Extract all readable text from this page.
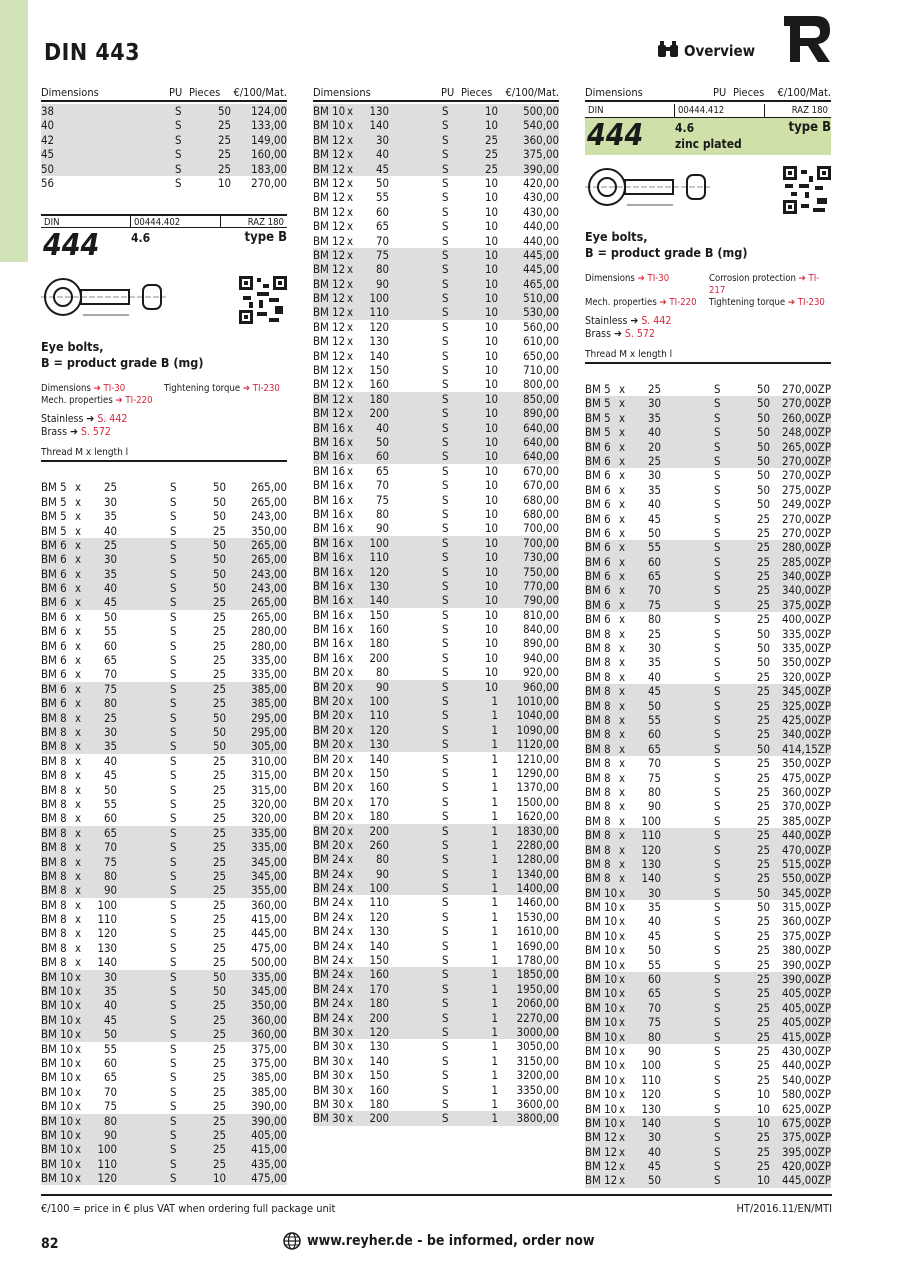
DIN 443	Overview
Dimensions	PU Pieces	€/100/Mat.
38	S	50	124,00
40	S	25	133,00
42	S	25	149,00
45	S	25	160,00
50	S	25	183,00
56	S	10	270,00
DIN	00444.402	RAZ 180
444	4.6	type B
Eye bolts,
B = product grade B (mg)
Dimensions ➔ TI-30	Tightening torque ➔ TI-230
Mech. properties ➔ TI-220
Stainless ➔ S. 442
Brass ➔ S. 572
Thread M x length l
BM 5 x	25	S	50	265,00
BM 5 x	30	S	50	265,00
BM 5 x	35	S	50	243,00
BM 5 x	40	S	25	350,00
BM 6 x	25	S	50	265,00
BM 6 x	30	S	50	265,00
BM 6 x	35	S	50	243,00
BM 6 x	40	S	50	243,00
BM 6 x	45	S	25	265,00
BM 6 x	50	S	25	265,00
BM 6 x	55	S	25	280,00
BM 6 x	60	S	25	280,00
BM 6 x	65	S	25	335,00
BM 6 x	70	S	25	335,00
BM 6 x	75	S	25	385,00
BM 6 x	80	S	25	385,00
BM 8 x	25	S	50	295,00
BM 8 x	30	S	50	295,00
BM 8 x	35	S	50	305,00
BM 8 x	40	S	25	310,00
BM 8 x	45	S	25	315,00
BM 8 x	50	S	25	315,00
BM 8 x	55	S	25	320,00
BM 8 x	60	S	25	320,00
BM 8 x	65	S	25	335,00
BM 8 x	70	S	25	335,00
BM 8 x	75	S	25	345,00
BM 8 x	80	S	25	345,00
BM 8 x	90	S	25	355,00
BM 8 x	100	S	25	360,00
BM 8 x	110	S	25	415,00
BM 8 x	120	S	25	445,00
BM 8 x	130	S	25	475,00
BM 8 x	140	S	25	500,00
BM 10 x	30	S	50	335,00
BM 10 x	35	S	50	345,00
BM 10 x	40	S	25	350,00
BM 10 x	45	S	25	360,00
BM 10 x	50	S	25	360,00
BM 10 x	55	S	25	375,00
BM 10 x	60	S	25	375,00
BM 10 x	65	S	25	385,00
BM 10 x	70	S	25	385,00
BM 10 x	75	S	25	390,00
BM 10 x	80	S	25	390,00
BM 10 x	90	S	25	405,00
BM 10 x	100	S	25	415,00
BM 10 x	110	S	25	435,00
BM 10 x	120	S	10	475,00
Dimensions	PU Pieces	€/100/Mat.
BM 10 x	130	S	10	500,00
BM 10 x	140	S	10	540,00
BM 12 x	30	S	25	360,00
BM 12 x	40	S	25	375,00
BM 12 x	45	S	25	390,00
BM 12 x	50	S	10	420,00
BM 12 x	55	S	10	430,00
BM 12 x	60	S	10	430,00
BM 12 x	65	S	10	440,00
BM 12 x	70	S	10	440,00
BM 12 x	75	S	10	445,00
BM 12 x	80	S	10	445,00
BM 12 x	90	S	10	465,00
BM 12 x	100	S	10	510,00
BM 12 x	110	S	10	530,00
BM 12 x	120	S	10	560,00
BM 12 x	130	S	10	610,00
BM 12 x	140	S	10	650,00
BM 12 x	150	S	10	710,00
BM 12 x	160	S	10	800,00
BM 12 x	180	S	10	850,00
BM 12 x	200	S	10	890,00
BM 16 x	40	S	10	640,00
BM 16 x	50	S	10	640,00
BM 16 x	60	S	10	640,00
BM 16 x	65	S	10	670,00
BM 16 x	70	S	10	670,00
BM 16 x	75	S	10	680,00
BM 16 x	80	S	10	680,00
BM 16 x	90	S	10	700,00
BM 16 x	100	S	10	700,00
BM 16 x	110	S	10	730,00
BM 16 x	120	S	10	750,00
BM 16 x	130	S	10	770,00
BM 16 x	140	S	10	790,00
BM 16 x	150	S	10	810,00
BM 16 x	160	S	10	840,00
BM 16 x	180	S	10	890,00
BM 16 x	200	S	10	940,00
BM 20 x	80	S	10	920,00
BM 20 x	90	S	10	960,00
BM 20 x	100	S	1	1010,00
BM 20 x	110	S	1	1040,00
BM 20 x	120	S	1	1090,00
BM 20 x	130	S	1	1120,00
BM 20 x	140	S	1	1210,00
BM 20 x	150	S	1	1290,00
BM 20 x	160	S	1	1370,00
BM 20 x	170	S	1	1500,00
BM 20 x	180	S	1	1620,00
BM 20 x	200	S	1	1830,00
BM 20 x	260	S	1	2280,00
BM 24 x	80	S	1	1280,00
BM 24 x	90	S	1	1340,00
BM 24 x	100	S	1	1400,00
BM 24 x	110	S	1	1460,00
BM 24 x	120	S	1	1530,00
BM 24 x	130	S	1	1610,00
BM 24 x	140	S	1	1690,00
BM 24 x	150	S	1	1780,00
BM 24 x	160	S	1	1850,00
BM 24 x	170	S	1	1950,00
BM 24 x	180	S	1	2060,00
BM 24 x	200	S	1	2270,00
BM 30 x	120	S	1	3000,00
BM 30 x	130	S	1	3050,00
BM 30 x	140	S	1	3150,00
BM 30 x	150	S	1	3200,00
BM 30 x	160	S	1	3350,00
BM 30 x	180	S	1	3600,00
BM 30 x	200	S	1	3800,00
Dimensions	PU Pieces	€/100/Mat.
DIN	00444.412	RAZ 180
444	4.6
zinc plated
type B
Eye bolts,
B = product grade B (mg)
Dimensions ➔ TI-30	Corrosion protection ➔ TI-217
Mech. properties ➔ TI-220	Tightening torque ➔ TI-230
Stainless ➔ S. 442
Brass ➔ S. 572
Thread M x length l
BM 5 x	25	S	50	270,00ZP
BM 5 x	30	S	50	270,00ZP
BM 5 x	35	S	50	260,00ZP
BM 5 x	40	S	50	248,00ZP
BM 6 x	20	S	50	265,00ZP
BM 6 x	25	S	50	270,00ZP
BM 6 x	30	S	50	270,00ZP
BM 6 x	35	S	50	275,00ZP
BM 6 x	40	S	50	249,00ZP
BM 6 x	45	S	25	270,00ZP
BM 6 x	50	S	25	270,00ZP
BM 6 x	55	S	25	280,00ZP
BM 6 x	60	S	25	285,00ZP
BM 6 x	65	S	25	340,00ZP
BM 6 x	70	S	25	340,00ZP
BM 6 x	75	S	25	375,00ZP
BM 6 x	80	S	25	400,00ZP
BM 8 x	25	S	50	335,00ZP
BM 8 x	30	S	50	335,00ZP
BM 8 x	35	S	50	350,00ZP
BM 8 x	40	S	25	320,00ZP
BM 8 x	45	S	25	345,00ZP
BM 8 x	50	S	25	325,00ZP
BM 8 x	55	S	25	425,00ZP
BM 8 x	60	S	25	340,00ZP
BM 8 x	65	S	50	414,15ZP
BM 8 x	70	S	25	350,00ZP
BM 8 x	75	S	25	475,00ZP
BM 8 x	80	S	25	360,00ZP
BM 8 x	90	S	25	370,00ZP
BM 8 x	100	S	25	385,00ZP
BM 8 x	110	S	25	440,00ZP
BM 8 x	120	S	25	470,00ZP
BM 8 x	130	S	25	515,00ZP
BM 8 x	140	S	25	550,00ZP
BM 10 x	30	S	50	345,00ZP
BM 10 x	35	S	50	315,00ZP
BM 10 x	40	S	25	360,00ZP
BM 10 x	45	S	25	375,00ZP
BM 10 x	50	S	25	380,00ZP
BM 10 x	55	S	25	390,00ZP
BM 10 x	60	S	25	390,00ZP
BM 10 x	65	S	25	405,00ZP
BM 10 x	70	S	25	405,00ZP
BM 10 x	75	S	25	405,00ZP
BM 10 x	80	S	25	415,00ZP
BM 10 x	90	S	25	430,00ZP
BM 10 x	100	S	25	440,00ZP
BM 10 x	110	S	25	540,00ZP
BM 10 x	120	S	10	580,00ZP
BM 10 x	130	S	10	625,00ZP
BM 10 x	140	S	10	675,00ZP
BM 12 x	30	S	25	375,00ZP
BM 12 x	40	S	25	395,00ZP
BM 12 x	45	S	25	420,00ZP
BM 12 x	50	S	10	445,00ZP
€/100 = price in € plus VAT when ordering full package unit	HT/2016.11/EN/MTI
82	www.reyher.de - be informed, order now
